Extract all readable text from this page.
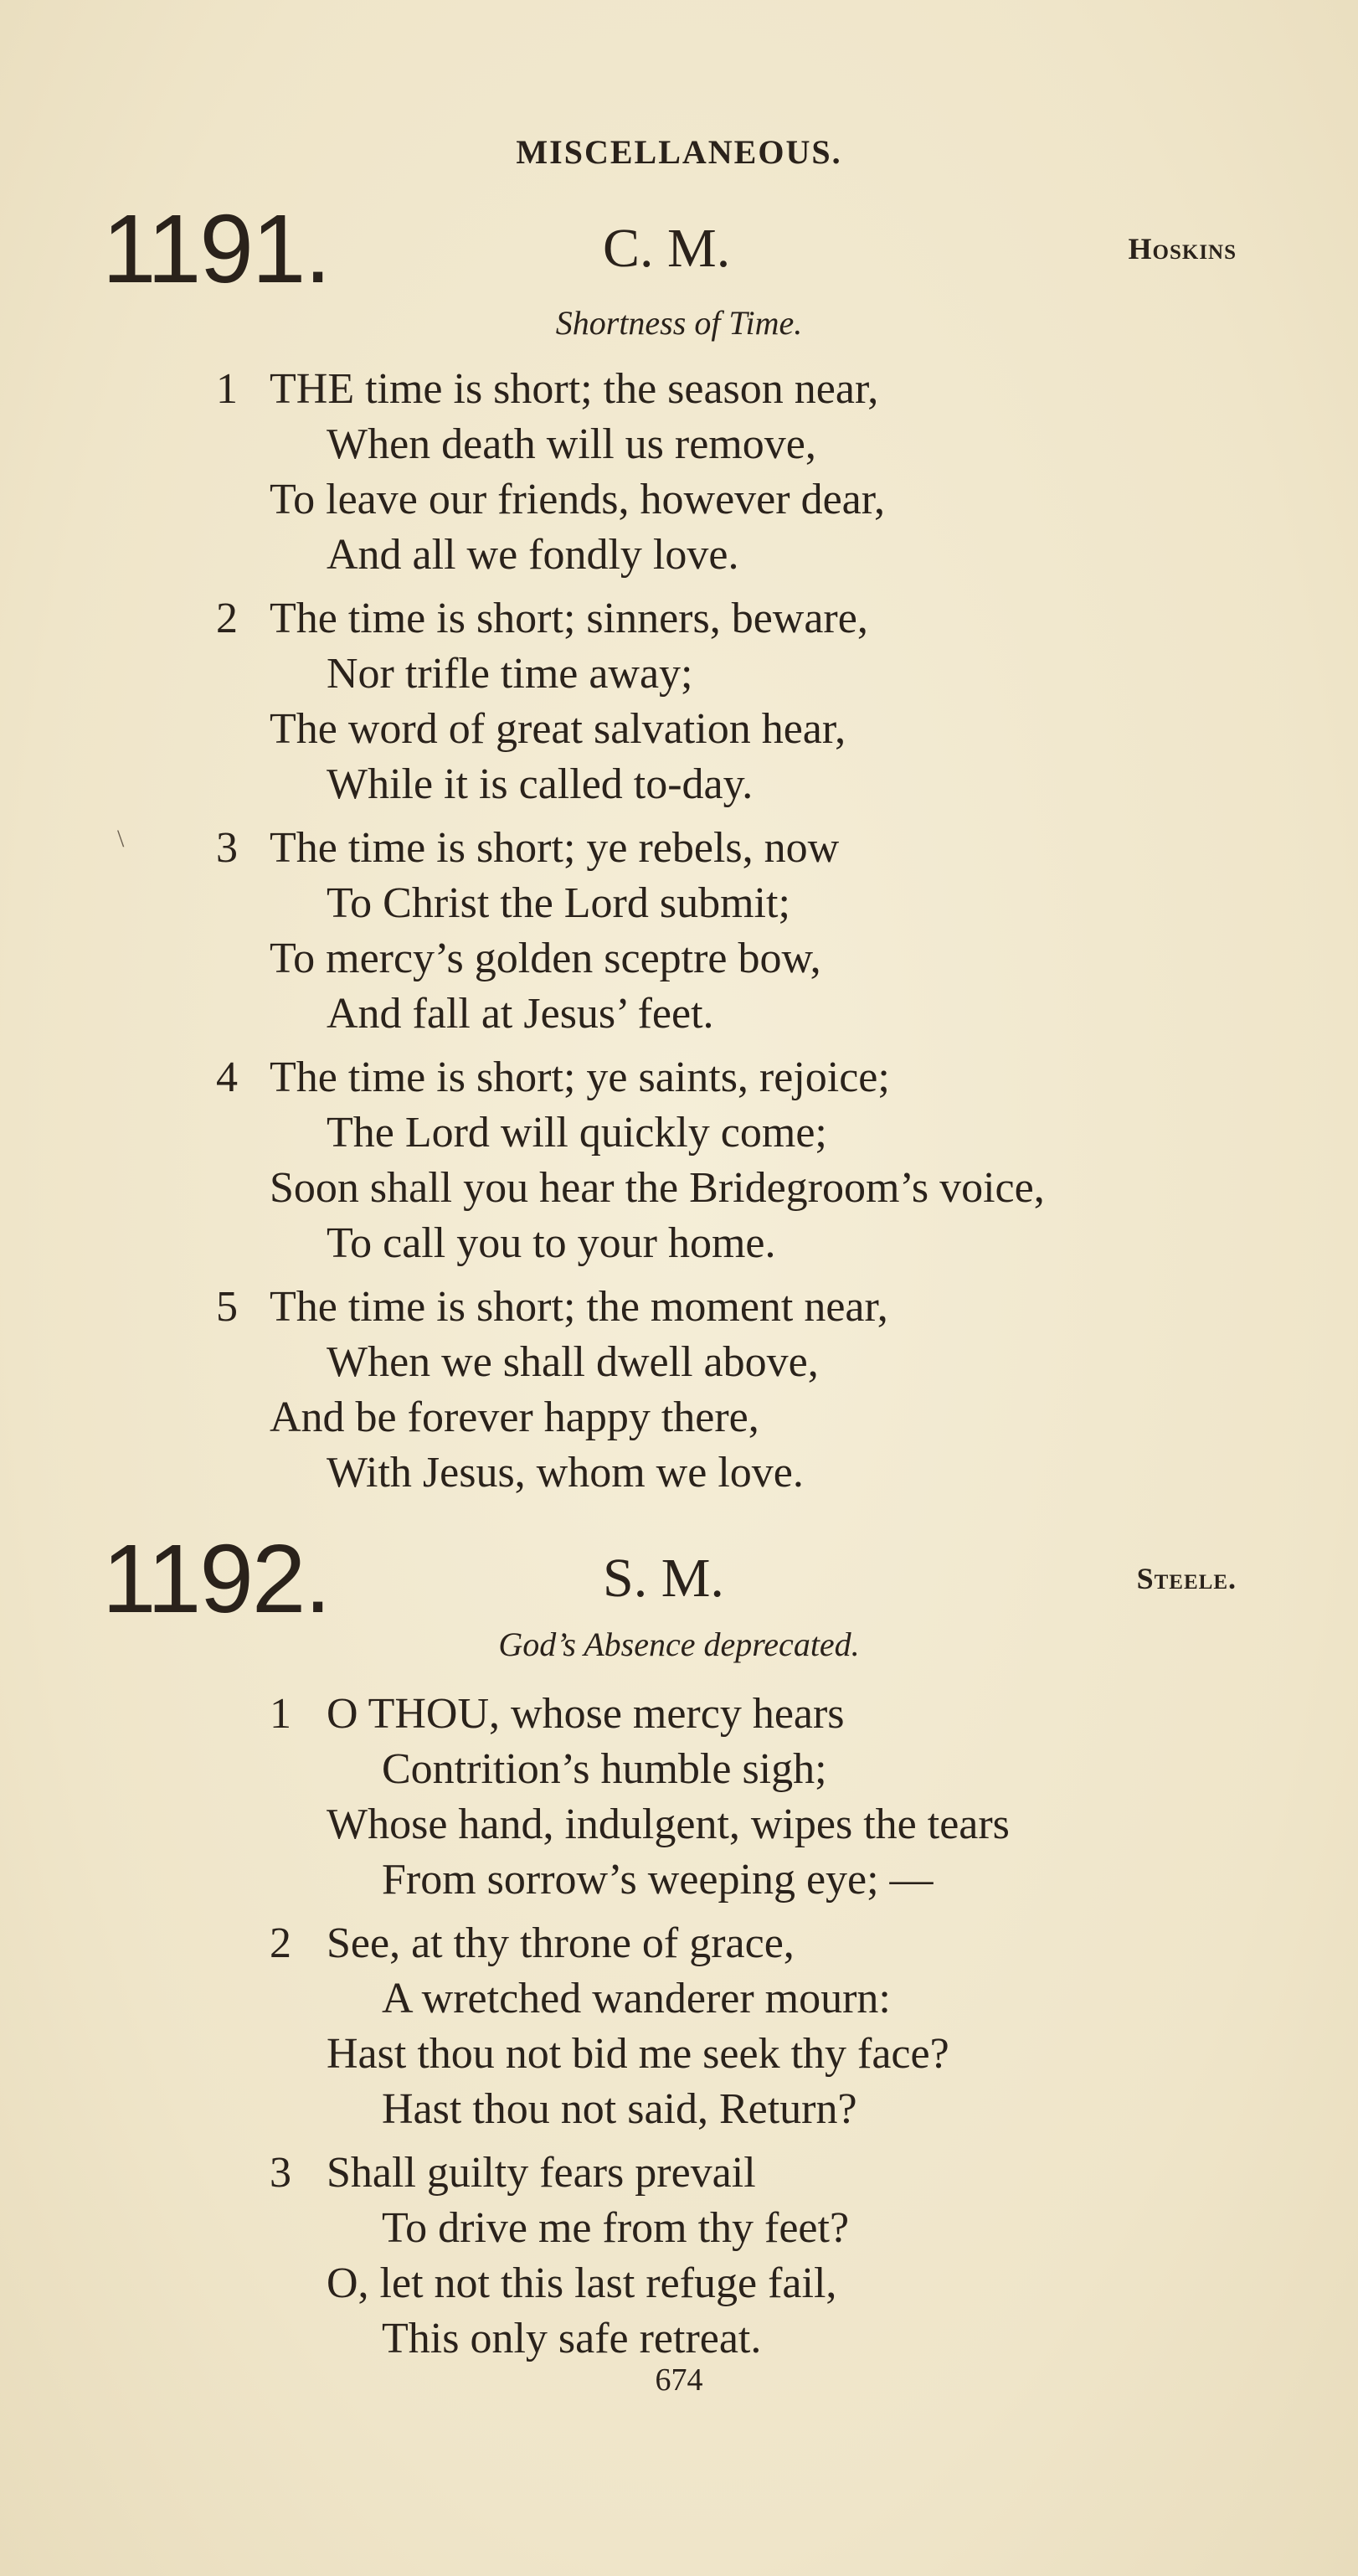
MISCELLANEOUS.
1191.	C. M.	Hoskins
Shortness of Time.
1 THE time is short; the season near,
When death will us remove,
To leave our friends, however dear,
And all we fondly love.
2 The time is short; sinners, beware,
Nor trifle time away;
The word of great salvation hear,
While it is called to-day.
\ 3 The time is short; ye rebels, now
To Christ the Lord submit;
To mercy’s golden sceptre bow,
And fall at Jesus’ feet.
4 The time is short; ye saints, rejoice;
The Lord will quickly come;
Soon shall you hear the Bridegroom’s voice,
To call you to your home.
5 The time is short; the moment near,
When we shall dwell above,
And be forever happy there,
With Jesus, whom we love.
1192.	S. M.	Steele.
God’s Absence deprecated.
1 O THOU, whose mercy hears
Contrition’s humble sigh;
Whose hand, indulgent, wipes the tears
From sorrow’s weeping eye; —
2 See, at thy throne of grace,
A wretched wanderer mourn:
Hast thou not bid me seek thy face?
Hast thou not said, Return?
3 Shall guilty fears prevail
To drive me from thy feet?
O, let not this last refuge fail,
This only safe retreat.
674
